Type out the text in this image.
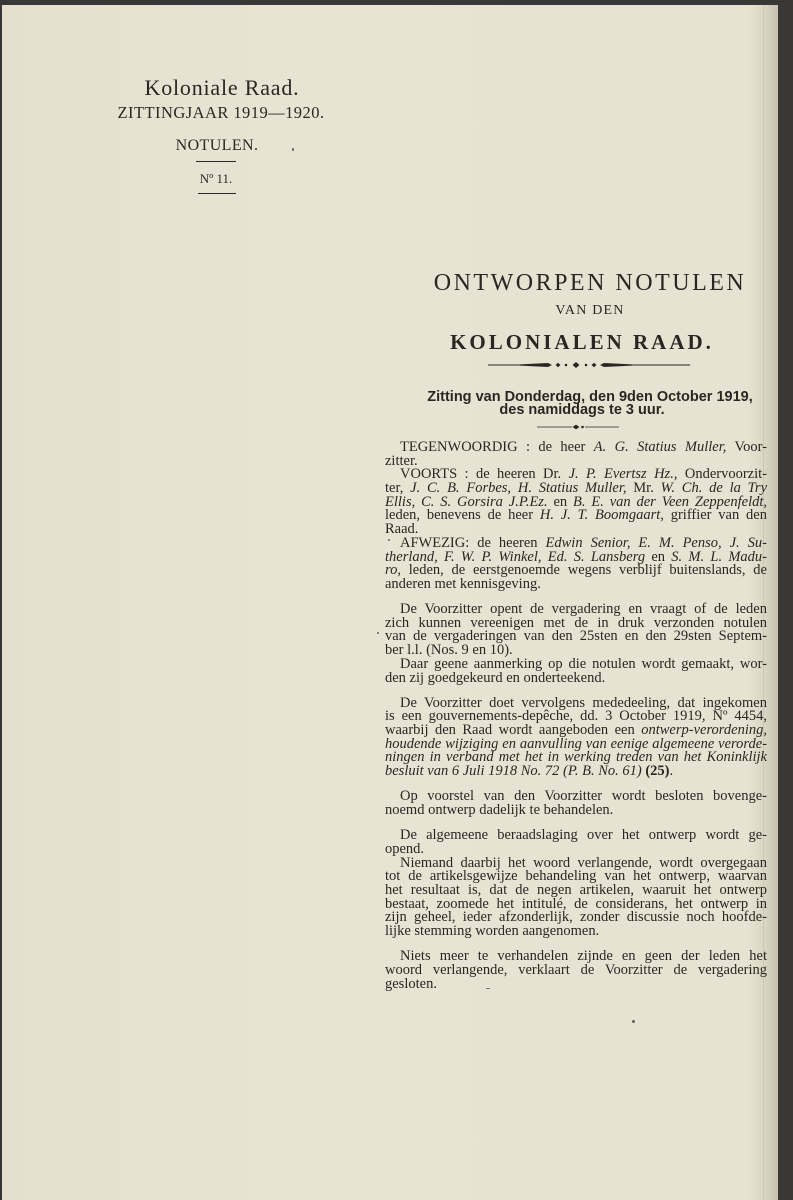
Koloniale Raad.
ZITTINGJAAR 1919—1920.
NOTULEN.
Nº 11.
ONTWORPEN NOTULEN
VAN DEN
KOLONIALEN RAAD.
Zitting van Donderdag, den 9den October 1919,
des namiddags te 3 uur.
TEGENWOORDIG : de heer A. G. Statius Muller, Voor-
zitter.
VOORTS : de heeren Dr. J. P. Evertsz Hz., Ondervoorzit-
ter, J. C. B. Forbes, H. Statius Muller, Mr. W. Ch. de la Try
Ellis, C. S. Gorsira J.P.Ez. en B. E. van der Veen Zeppenfeldt,
leden, benevens de heer H. J. T. Boomgaart, griffier van den
Raad.
AFWEZIG: de heeren Edwin Senior, E. M. Penso, J. Su-
therland, F. W. P. Winkel, Ed. S. Lansberg en S. M. L. Madu-
ro, leden, de eerstgenoemde wegens verblijf buitenslands, de
anderen met kennisgeving.
De Voorzitter opent de vergadering en vraagt of de leden
zich kunnen vereenigen met de in druk verzonden notulen
van de vergaderingen van den 25sten en den 29sten Septem-
ber l.l. (Nos. 9 en 10).
Daar geene aanmerking op die notulen wordt gemaakt, wor-
den zij goedgekeurd en onderteekend.
De Voorzitter doet vervolgens mededeeling, dat ingekomen
is een gouvernements-depêche, dd. 3 October 1919, Nº 4454,
waarbij den Raad wordt aangeboden een ontwerp-verordening,
houdende wijziging en aanvulling van eenige algemeene verorde-
ningen in verband met het in werking treden van het Koninklijk
besluit van 6 Juli 1918 No. 72 (P. B. No. 61) (25).
Op voorstel van den Voorzitter wordt besloten bovenge-
noemd ontwerp dadelijk te behandelen.
De algemeene beraadslaging over het ontwerp wordt ge-
opend.
Niemand daarbij het woord verlangende, wordt overgegaan
tot de artikelsgewijze behandeling van het ontwerp, waarvan
het resultaat is, dat de negen artikelen, waaruit het ontwerp
bestaat, zoomede het intitulé, de considerans, het ontwerp in
zijn geheel, ieder afzonderlijk, zonder discussie noch hoofde-
lijke stemming worden aangenomen.
Niets meer te verhandelen zijnde en geen der leden het
woord verlangende, verklaart de Voorzitter de vergadering
gesloten.
